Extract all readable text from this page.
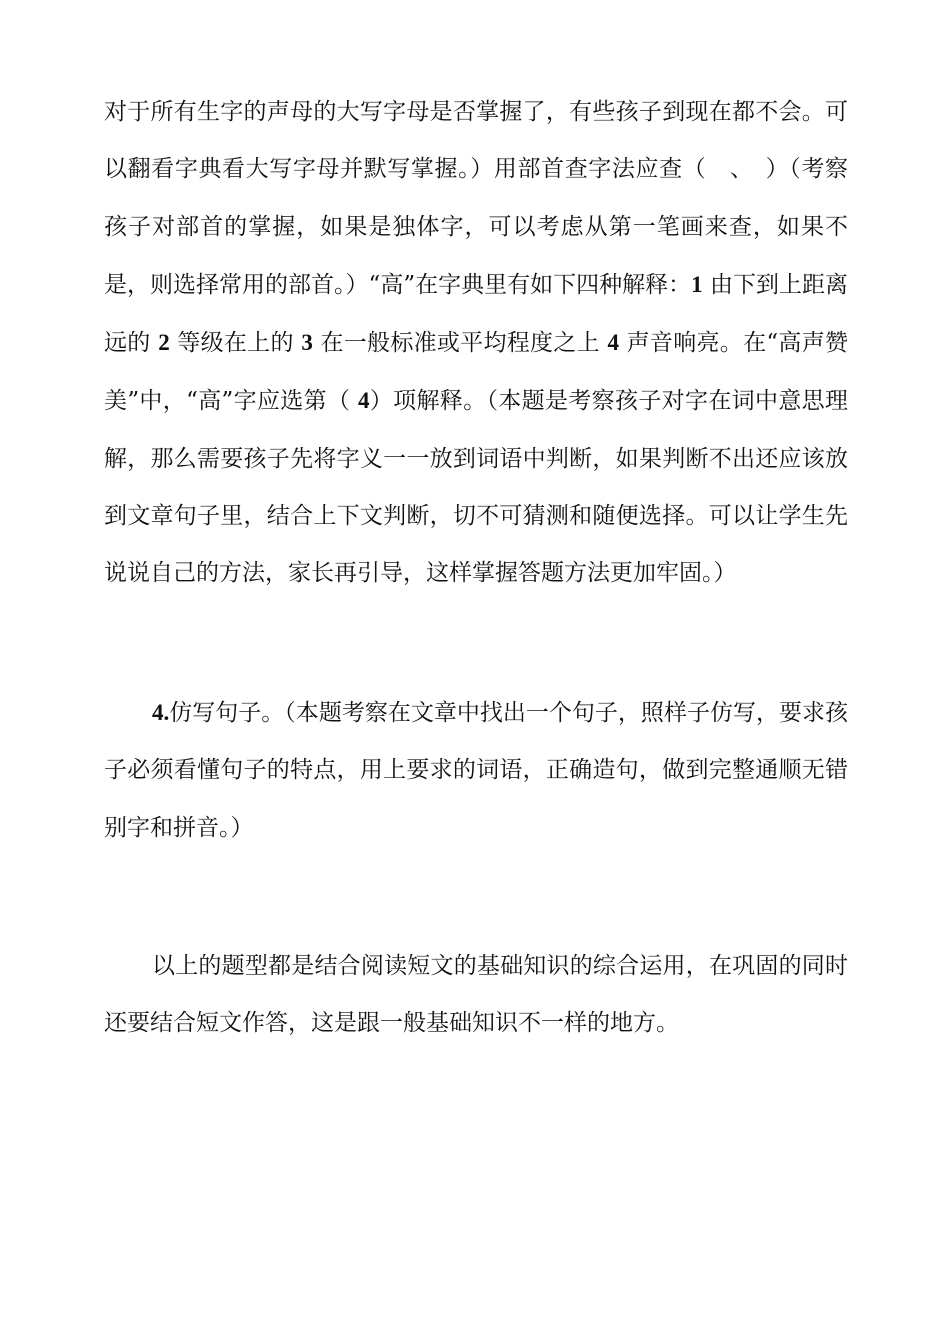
对于所有生字的声母的大写字母是否掌握了，有些孩子到现在都不会。可以翻看字典看大写字母并默写掌握。）用部首查字法应查（　、　）（考察孩子对部首的掌握，如果是独体字，可以考虑从第一笔画来查，如果不是，则选择常用的部首。）“高”在字典里有如下四种解释：1 由下到上距离远的 2 等级在上的 3 在一般标准或平均程度之上 4 声音响亮。在“高声赞美”中，“高”字应选第（ 4）项解释。（本题是考察孩子对字在词中意思理解，那么需要孩子先将字义一一放到词语中判断，如果判断不出还应该放到文章句子里，结合上下文判断，切不可猜测和随便选择。可以让学生先说说自己的方法，家长再引导，这样掌握答题方法更加牢固。）

4.仿写句子。（本题考察在文章中找出一个句子，照样子仿写，要求孩子必须看懂句子的特点，用上要求的词语，正确造句，做到完整通顺无错别字和拼音。）

以上的题型都是结合阅读短文的基础知识的综合运用，在巩固的同时还要结合短文作答，这是跟一般基础知识不一样的地方。
